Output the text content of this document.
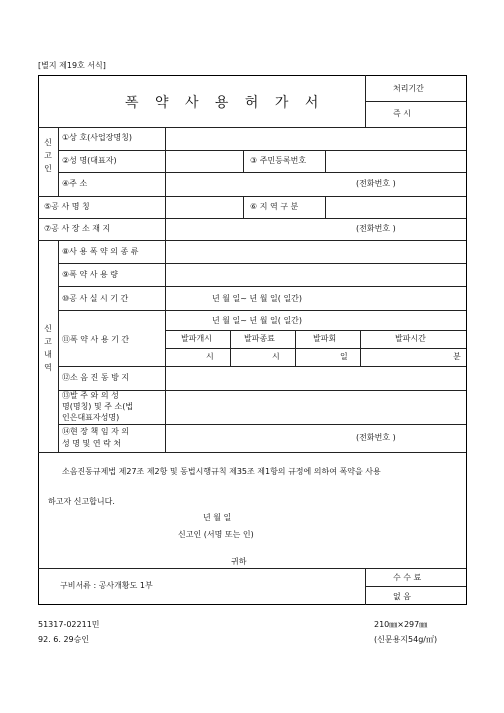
[별지 제19호 서식]
폭 약 사 용 허 가 서
처리기간
즉 시
신고인
①상 호(사업장명칭)
②성 명(대표자)	③ 주민등록번호
④주 소	(전화번호 )
⑤공 사 명 칭	⑥ 지 역 구 분
⑦공 사 장 소 재 지	(전화번호 )
신고내역
⑧사 용 폭 약 의 종 류
⑨폭 약 사 용 량
⑩공 사 실 시 기 간	년 월 일~ 년 월 일( 일간)
⑪폭 약 사 용 기 간
년 월 일~ 년 월 일( 일간)
발파개시	발파종료	발파회	발파시간
시	시	일	분
⑫소 음 진 동 방 지
⑬발 주 와 의 성
명(명칭) 및 주 소(법
인은대표자성명)
⑭현 장 책 임 자 의
성 명 및 연 락 처
(전화번호 )
소음진동규제법 제27조 제2항 및 동법시행규칙 제35조 제1항의 규정에 의하여 폭약을 사용
하고자 신고합니다.
년 월 일
신고인 (서명 또는 인)
귀하
구비서류 : 공사개황도 1부
수 수 료
없 음
51317-02211민
92. 6. 29승인
210㎜×297㎜
(신문용지54g/㎡)
